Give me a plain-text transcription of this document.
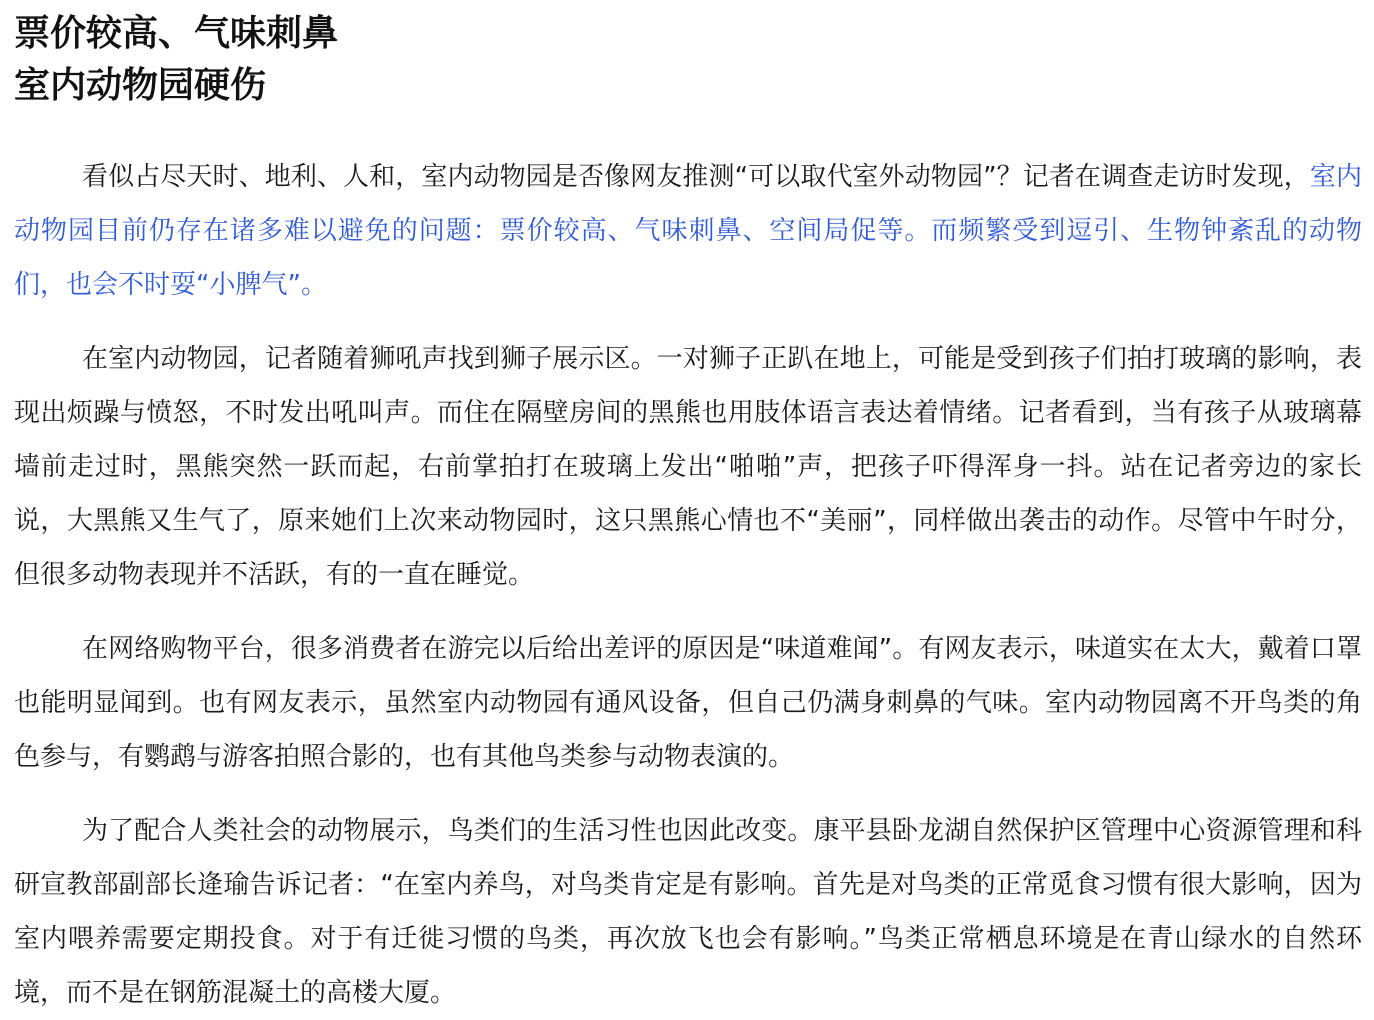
票价较高、气味刺鼻
室内动物园硬伤

看似占尽天时、地利、人和，室内动物园是否像网友推测“可以取代室外动物园”？记者在调查走访时发现，室内动物园目前仍存在诸多难以避免的问题：票价较高、气味刺鼻、空间局促等。而频繁受到逗引、生物钟紊乱的动物们，也会不时耍“小脾气”。

在室内动物园，记者随着狮吼声找到狮子展示区。一对狮子正趴在地上，可能是受到孩子们拍打玻璃的影响，表现出烦躁与愤怒，不时发出吼叫声。而住在隔壁房间的黑熊也用肢体语言表达着情绪。记者看到，当有孩子从玻璃幕墙前走过时，黑熊突然一跃而起，右前掌拍打在玻璃上发出“啪啪”声，把孩子吓得浑身一抖。站在记者旁边的家长说，大黑熊又生气了，原来她们上次来动物园时，这只黑熊心情也不“美丽”，同样做出袭击的动作。尽管中午时分，但很多动物表现并不活跃，有的一直在睡觉。

在网络购物平台，很多消费者在游完以后给出差评的原因是“味道难闻”。有网友表示，味道实在太大，戴着口罩也能明显闻到。也有网友表示，虽然室内动物园有通风设备，但自己仍满身刺鼻的气味。室内动物园离不开鸟类的角色参与，有鹦鹉与游客拍照合影的，也有其他鸟类参与动物表演的。

为了配合人类社会的动物展示，鸟类们的生活习性也因此改变。康平县卧龙湖自然保护区管理中心资源管理和科研宣教部副部长逄瑜告诉记者：“在室内养鸟，对鸟类肯定是有影响。首先是对鸟类的正常觅食习惯有很大影响，因为室内喂养需要定期投食。对于有迁徙习惯的鸟类，再次放飞也会有影响。”鸟类正常栖息环境是在青山绿水的自然环境，而不是在钢筋混凝土的高楼大厦。
